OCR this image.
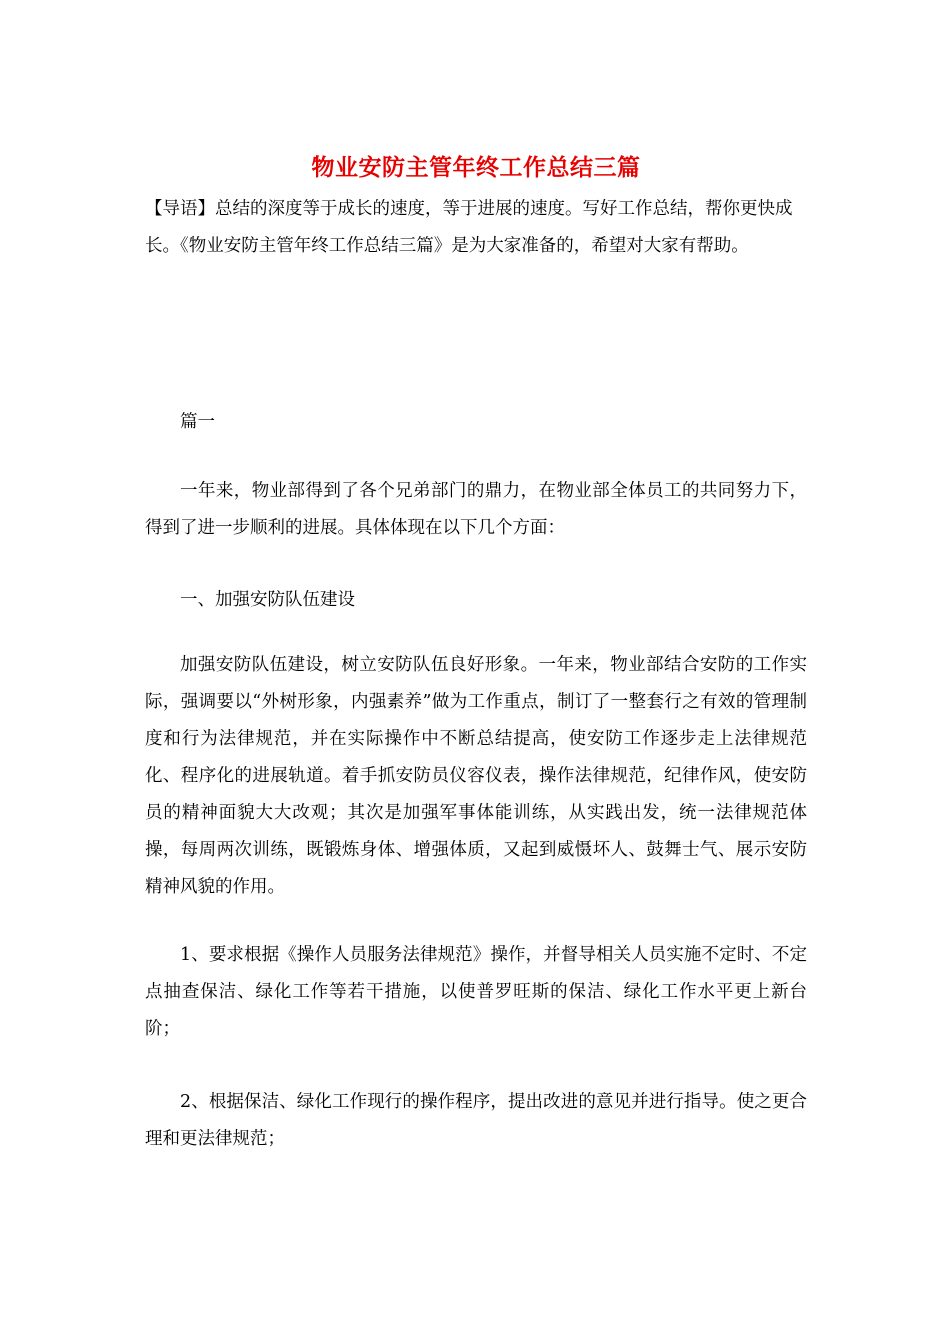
物业安防主管年终工作总结三篇

【导语】总结的深度等于成长的速度，等于进展的速度。写好工作总结，帮你更快成长。《物业安防主管年终工作总结三篇》是为大家准备的，希望对大家有帮助。

篇一

一年来，物业部得到了各个兄弟部门的鼎力，在物业部全体员工的共同努力下，得到了进一步顺利的进展。具体体现在以下几个方面：

一、加强安防队伍建设

加强安防队伍建设，树立安防队伍良好形象。一年来，物业部结合安防的工作实际，强调要以“外树形象，内强素养”做为工作重点，制订了一整套行之有效的管理制度和行为法律规范，并在实际操作中不断总结提高，使安防工作逐步走上法律规范化、程序化的进展轨道。着手抓安防员仪容仪表，操作法律规范，纪律作风，使安防员的精神面貌大大改观；其次是加强军事体能训练，从实践出发，统一法律规范体操，每周两次训练，既锻炼身体、增强体质，又起到威慑坏人、鼓舞士气、展示安防精神风貌的作用。

1、要求根据《操作人员服务法律规范》操作，并督导相关人员实施不定时、不定点抽查保洁、绿化工作等若干措施，以使普罗旺斯的保洁、绿化工作水平更上新台阶；

2、根据保洁、绿化工作现行的操作程序，提出改进的意见并进行指导。使之更合理和更法律规范；
